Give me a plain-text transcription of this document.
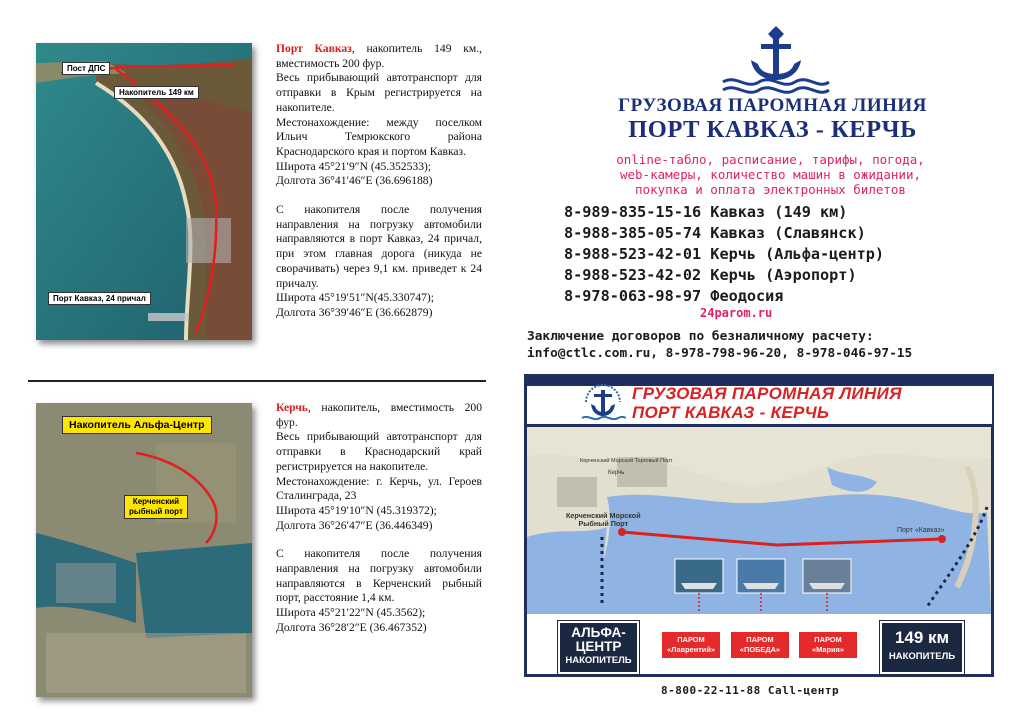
Пост ДПС
Накопитель 149 км
Порт Кавказ, 24 причал

Порт Кавказ, накопитель 149 км., вместимость 200 фур.

Весь прибывающий автотранспорт для отправки в Крым регистрируется на накопителе.

Местонахождение: между поселком Ильич Темрюкского района Краснодарского края и портом Кавказ.

Широта 45°21′9″N (45.352533);

Долгота 36°41′46″E (36.696188)

С накопителя после получения направления на погрузку автомобили направляются в порт Кавказ, 24 причал, при этом главная дорога (никуда не сворачивать) через 9,1 км. приведет к 24 причалу.

Широта 45°19′51″N(45.330747);

Долгота 36°39′46″E (36.662879)

Накопитель Альфа-Центр
Керченский
рыбный порт

Керчь, накопитель, вместимость 200 фур.

Весь прибывающий автотранспорт для отправки в Краснодарский край регистрируется на накопителе.

Местонахождение: г. Керчь, ул. Героев Сталинграда, 23

Широта 45°19′10″N (45.319372);

Долгота 36°26′47″E (36.446349)

С накопителя после получения направления на погрузку автомобили направляются в Керченский рыбный порт, расстояние 1,4 км.

Широта 45°21′22″N (45.3562);

Долгота 36°28′2″E (36.467352)

ГРУЗОВАЯ ПАРОМНАЯ ЛИНИЯ
ПОРТ КАВКАЗ - КЕРЧЬ
online-табло, расписание, тарифы, погода,
web-камеры, количество машин в ожидании,
покупка и оплата электронных билетов
8-989-835-15-16 Кавказ (149 км)
8-988-385-05-74 Кавказ (Славянск)
8-988-523-42-01 Керчь (Альфа-центр)
8-988-523-42-02 Керчь (Аэропорт)
8-978-063-98-97 Феодосия
24parom.ru
Заключение договоров по безналичному расчету:
info@ctlc.com.ru, 8-978-798-96-20, 8-978-046-97-15
ГРУЗОВАЯ ПАРОМНАЯ ЛИНИЯ
ПОРТ КАВКАЗ - КЕРЧЬ
Керченский Морской Торговый Порт
Керчь
Керченский Морской
Рыбный Порт
Порт «Кавказ»
АЛЬФА-
ЦЕНТР
НАКОПИТЕЛЬ
ПАРОМ
«Лаврентий»
ПАРОМ
«ПОБЕДА»
ПАРОМ
«Мария»
149 км
НАКОПИТЕЛЬ
8-800-22-11-88 Call-центр
